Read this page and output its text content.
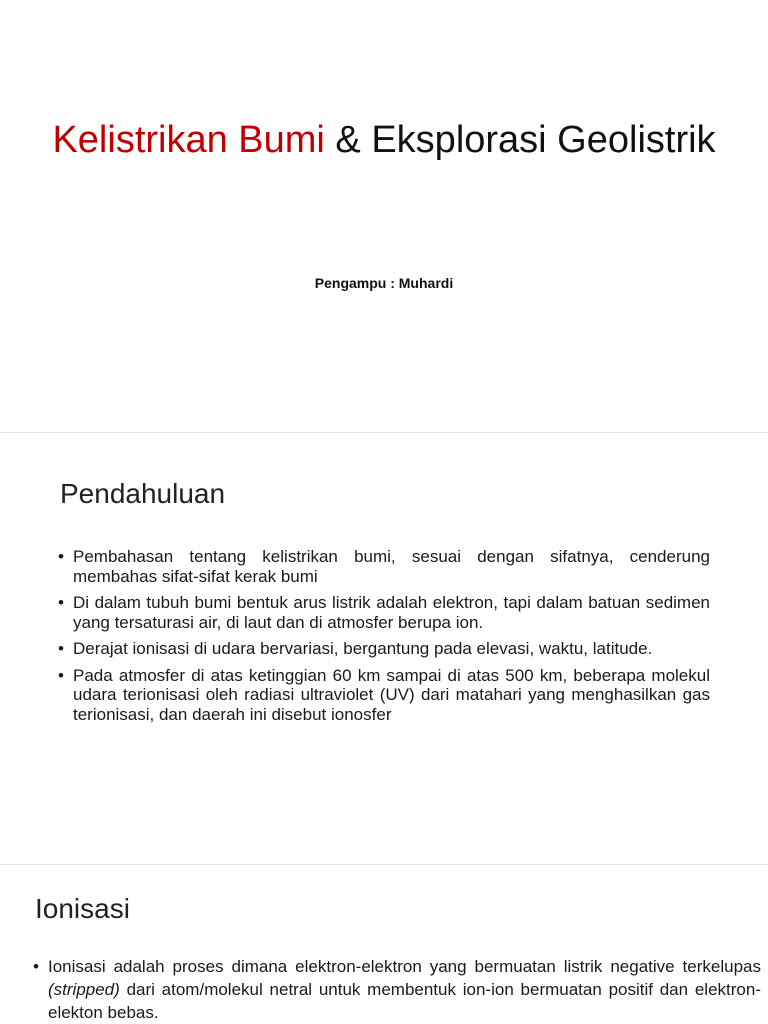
Kelistrikan Bumi & Eksplorasi Geolistrik
Pengampu : Muhardi
Pendahuluan
• Pembahasan tentang kelistrikan bumi, sesuai dengan sifatnya, cenderung membahas sifat-sifat kerak bumi
• Di dalam tubuh bumi bentuk arus listrik adalah elektron, tapi dalam batuan sedimen yang tersaturasi air, di laut dan di atmosfer berupa ion.
• Derajat ionisasi di udara bervariasi, bergantung pada elevasi, waktu, latitude.
• Pada atmosfer di atas ketinggian 60 km sampai di atas 500 km, beberapa molekul udara terionisasi oleh radiasi ultraviolet (UV) dari matahari yang menghasilkan gas terionisasi, dan daerah ini disebut ionosfer
Ionisasi
• Ionisasi adalah proses dimana elektron-elektron yang bermuatan listrik negative terkelupas (stripped) dari atom/molekul netral untuk membentuk ion-ion bermuatan positif dan elektron-elekton bebas.
